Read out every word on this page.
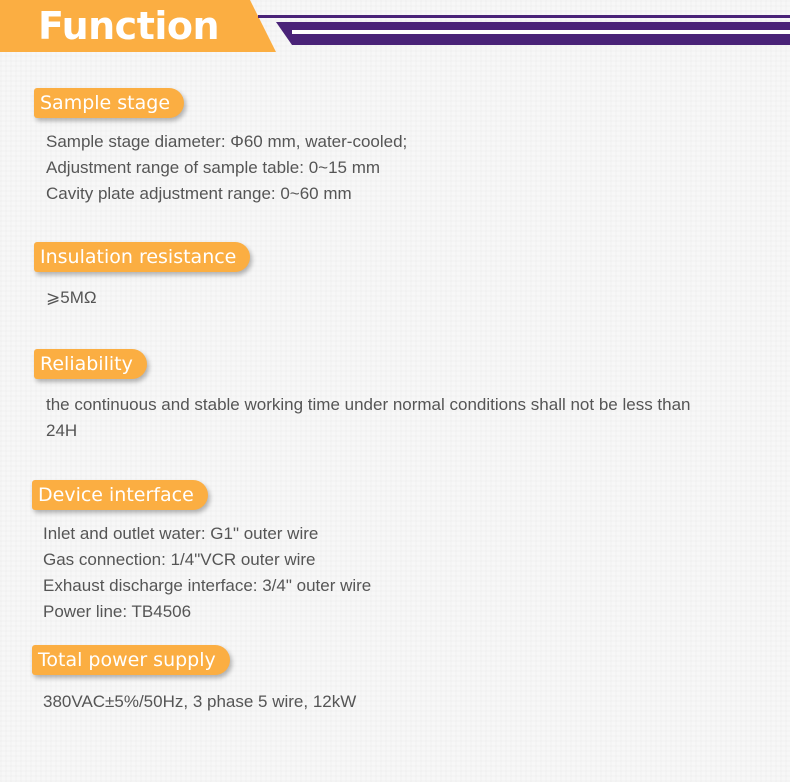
Function
Sample stage
Sample stage diameter: Φ60 mm, water-cooled;
Adjustment range of sample table: 0~15 mm
Cavity plate adjustment range: 0~60 mm
Insulation resistance
⩾5MΩ
Reliability
the continuous and stable working time under normal conditions shall not be less than 24H
Device interface
Inlet and outlet water: G1" outer wire
Gas connection: 1/4"VCR outer wire
Exhaust discharge interface: 3/4" outer wire
Power line: TB4506
Total power supply
380VAC±5%/50Hz, 3 phase 5 wire, 12kW
